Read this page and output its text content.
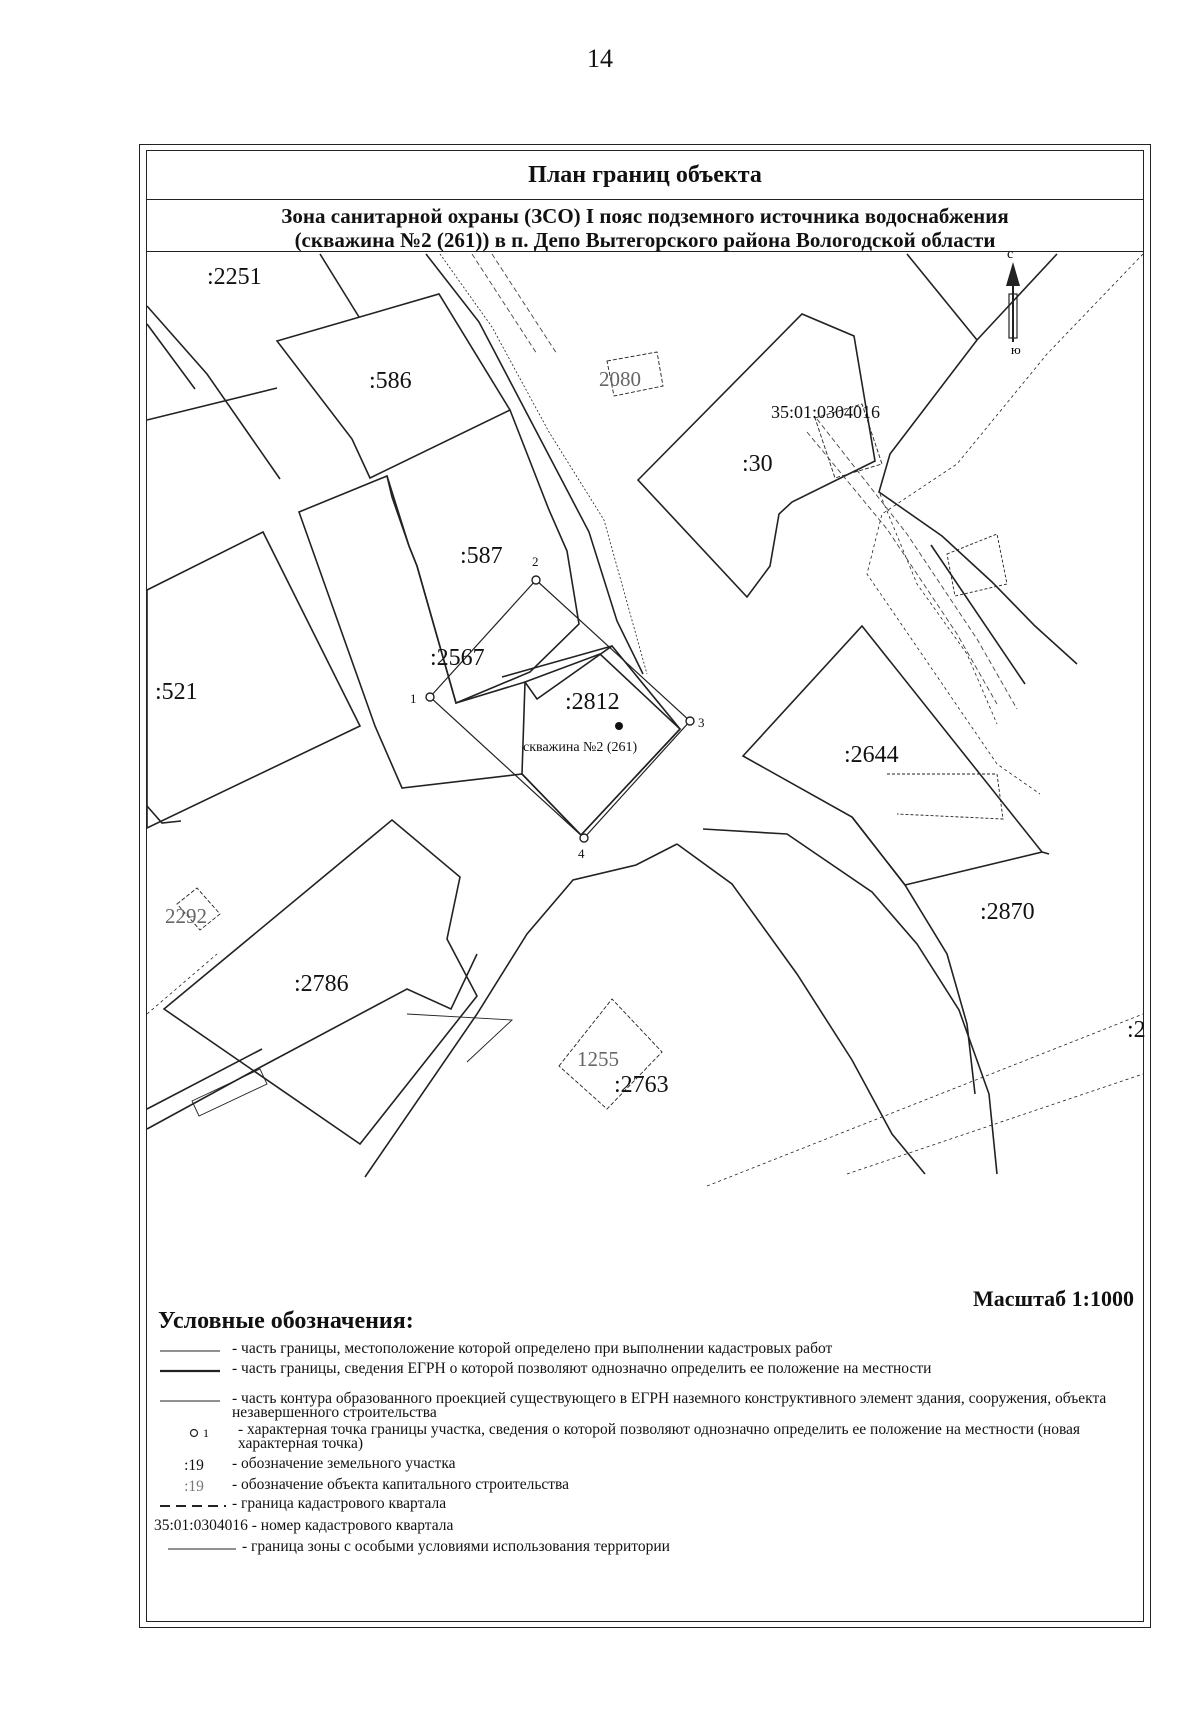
14
План границ объекта
Зона санитарной охраны (ЗСО) I пояс подземного источника водоснабжения
(скважина №2 (261)) в п. Депо Вытегорского района Вологодской области
с
ю
:2251
:586
:587
:2567
:2812
:521
:30
:2644
:2870
:2786
:2763
:2
2080
2292
1255
35:01:0304016
1
2
3
4
скважина №2 (261)
Масштаб 1:1000
Условные обозначения:
- часть границы, местоположение которой определено при выполнении кадастровых работ
- часть границы, сведения ЕГРН о которой позволяют однозначно определить ее положение на местности
- часть контура образованного проекцией существующего в ЕГРН наземного конструктивного элемент здания, сооружения, объекта незавершенного строительства
1 - характерная точка границы участка, сведения о которой позволяют однозначно определить ее положение на местности (новая характерная точка)
:19	- обозначение земельного участка
:19	- обозначение объекта капитального строительства
- граница кадастрового квартала
35:01:0304016 - номер кадастрового квартала
- граница зоны с особыми условиями использования территории
